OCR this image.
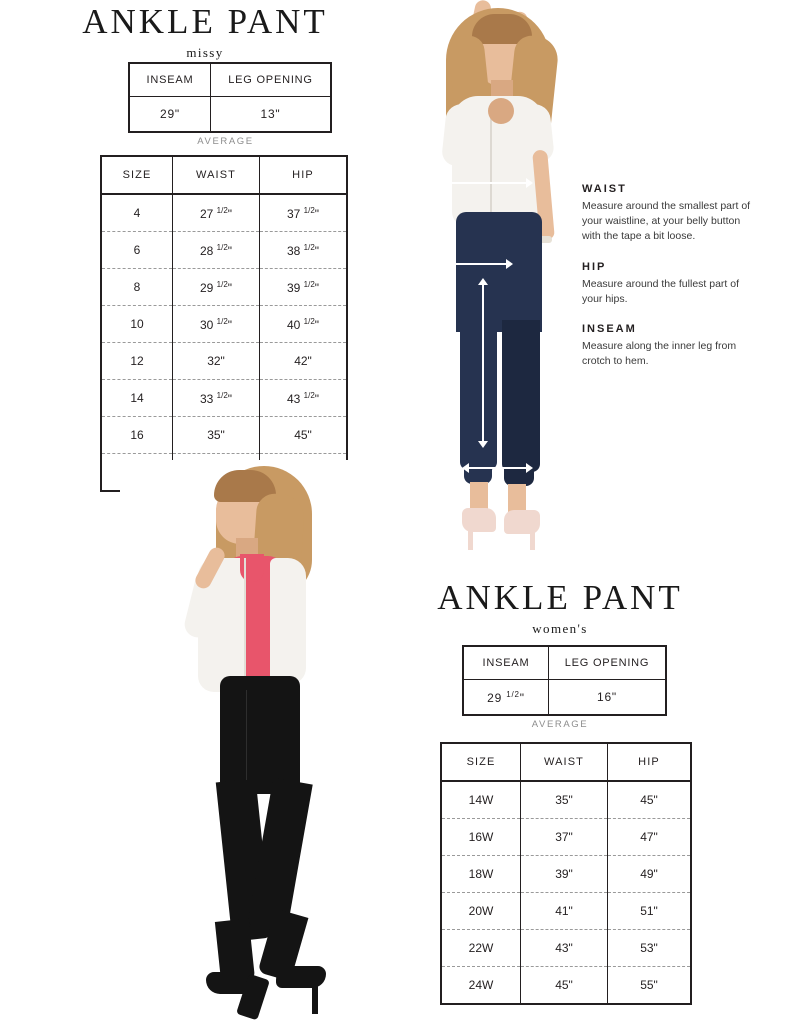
ANKLE PANT
missy
INSEAM	LEG OPENING
29"	13"
AVERAGE
SIZE	WAIST	HIP
4	27 $^{1/2}$"	37 $^{1/2}$"
6	28 $^{1/2}$"	38 $^{1/2}$"
8	29 $^{1/2}$"	39 $^{1/2}$"
10	30 $^{1/2}$"	40 $^{1/2}$"
12	32"	42"
14	33 $^{1/2}$"	43 $^{1/2}$"
16	35"	45"

WAIST
Measure around the smallest part of your waistline, at your belly button with the tape a bit loose.
HIP
Measure around the fullest part of your hips.
INSEAM
Measure along the inner leg from crotch to hem.
ANKLE PANT
women's
INSEAM	LEG OPENING
29 $^{1/2}$"	16"
AVERAGE
SIZE	WAIST	HIP
14W	35"	45"
16W	37"	47"
18W	39"	49"
20W	41"	51"
22W	43"	53"
24W	45"	55"
